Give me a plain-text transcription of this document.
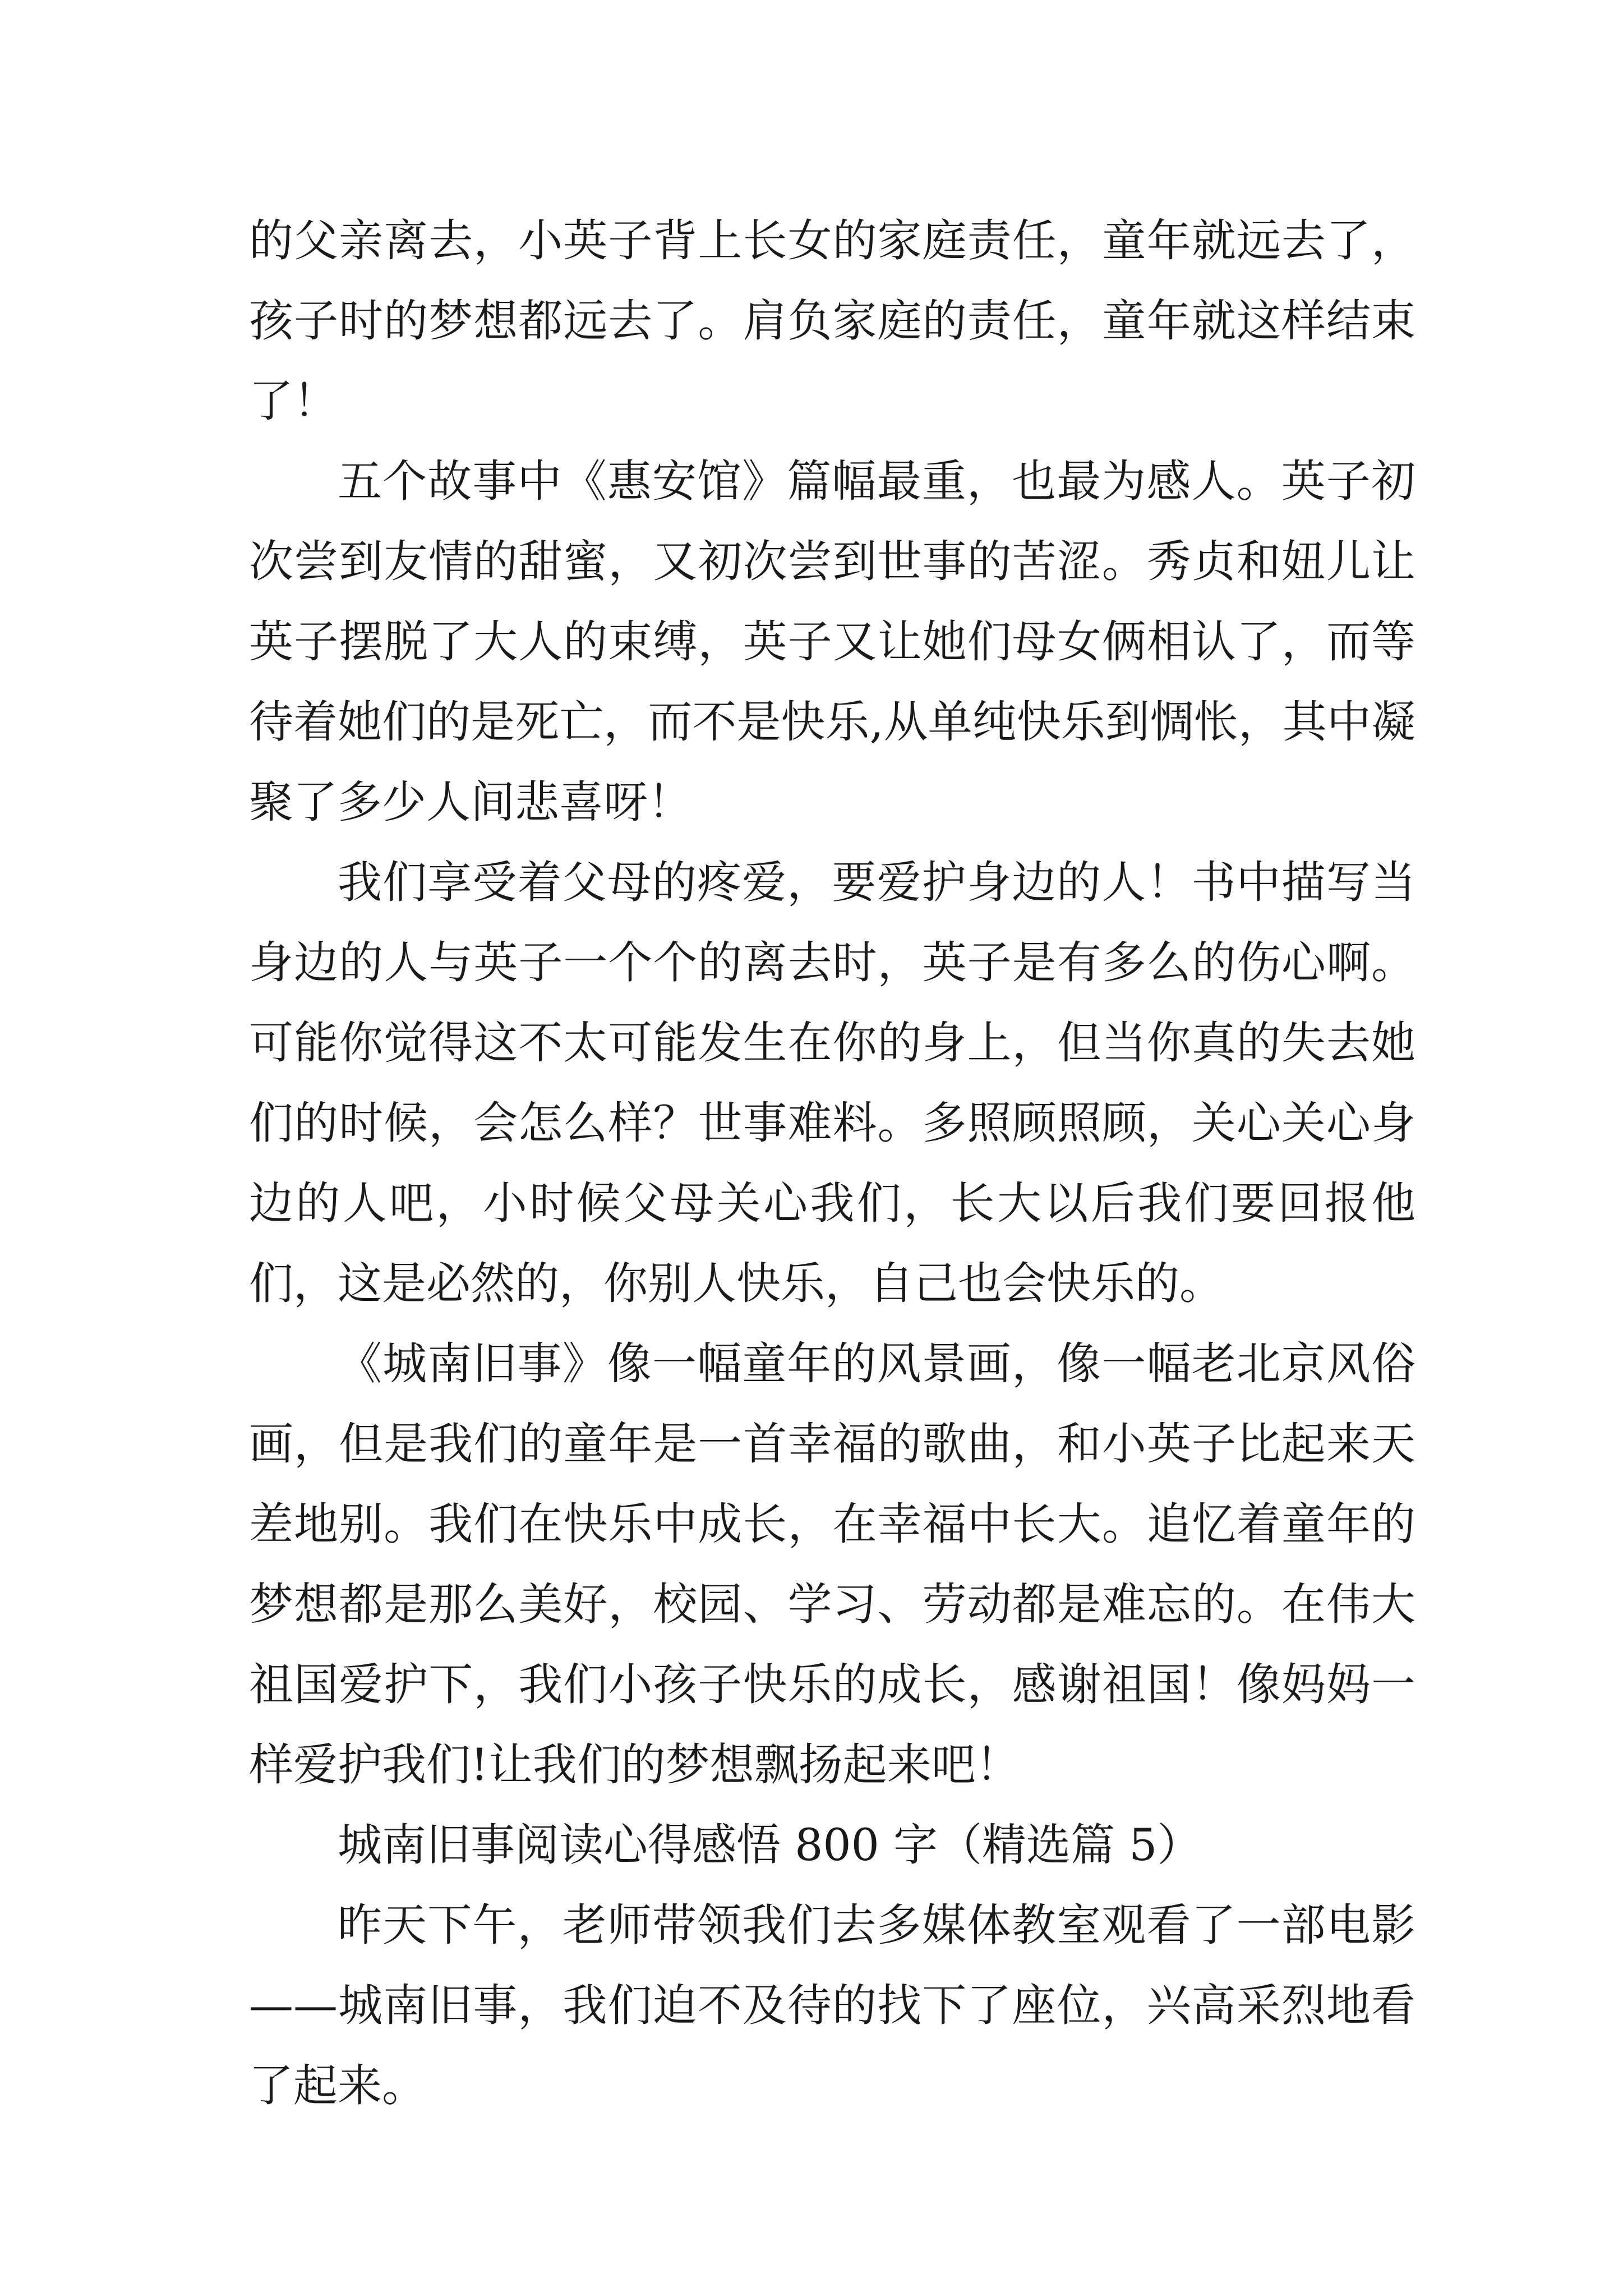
的父亲离去，小英子背上长女的家庭责任，童年就远去了，孩子时的梦想都远去了。肩负家庭的责任，童年就这样结束了！

五个故事中《惠安馆》篇幅最重，也最为感人。英子初次尝到友情的甜蜜，又初次尝到世事的苦涩。秀贞和妞儿让英子摆脱了大人的束缚，英子又让她们母女俩相认了，而等待着她们的是死亡，而不是快乐,从单纯快乐到惆怅，其中凝聚了多少人间悲喜呀！

我们享受着父母的疼爱，要爱护身边的人！书中描写当身边的人与英子一个个的离去时，英子是有多么的伤心啊。可能你觉得这不太可能发生在你的身上，但当你真的失去她们的时候，会怎么样？世事难料。多照顾照顾，关心关心身边的人吧，小时候父母关心我们，长大以后我们要回报他们，这是必然的，你别人快乐，自己也会快乐的。

《城南旧事》像一幅童年的风景画，像一幅老北京风俗画，但是我们的童年是一首幸福的歌曲，和小英子比起来天差地别。我们在快乐中成长，在幸福中长大。追忆着童年的梦想都是那么美好，校园、学习、劳动都是难忘的。在伟大祖国爱护下，我们小孩子快乐的成长，感谢祖国！像妈妈一样爱护我们!让我们的梦想飘扬起来吧！

城南旧事阅读心得感悟 800 字（精选篇 5）

昨天下午，老师带领我们去多媒体教室观看了一部电影——城南旧事，我们迫不及待的找下了座位，兴高采烈地看了起来。
